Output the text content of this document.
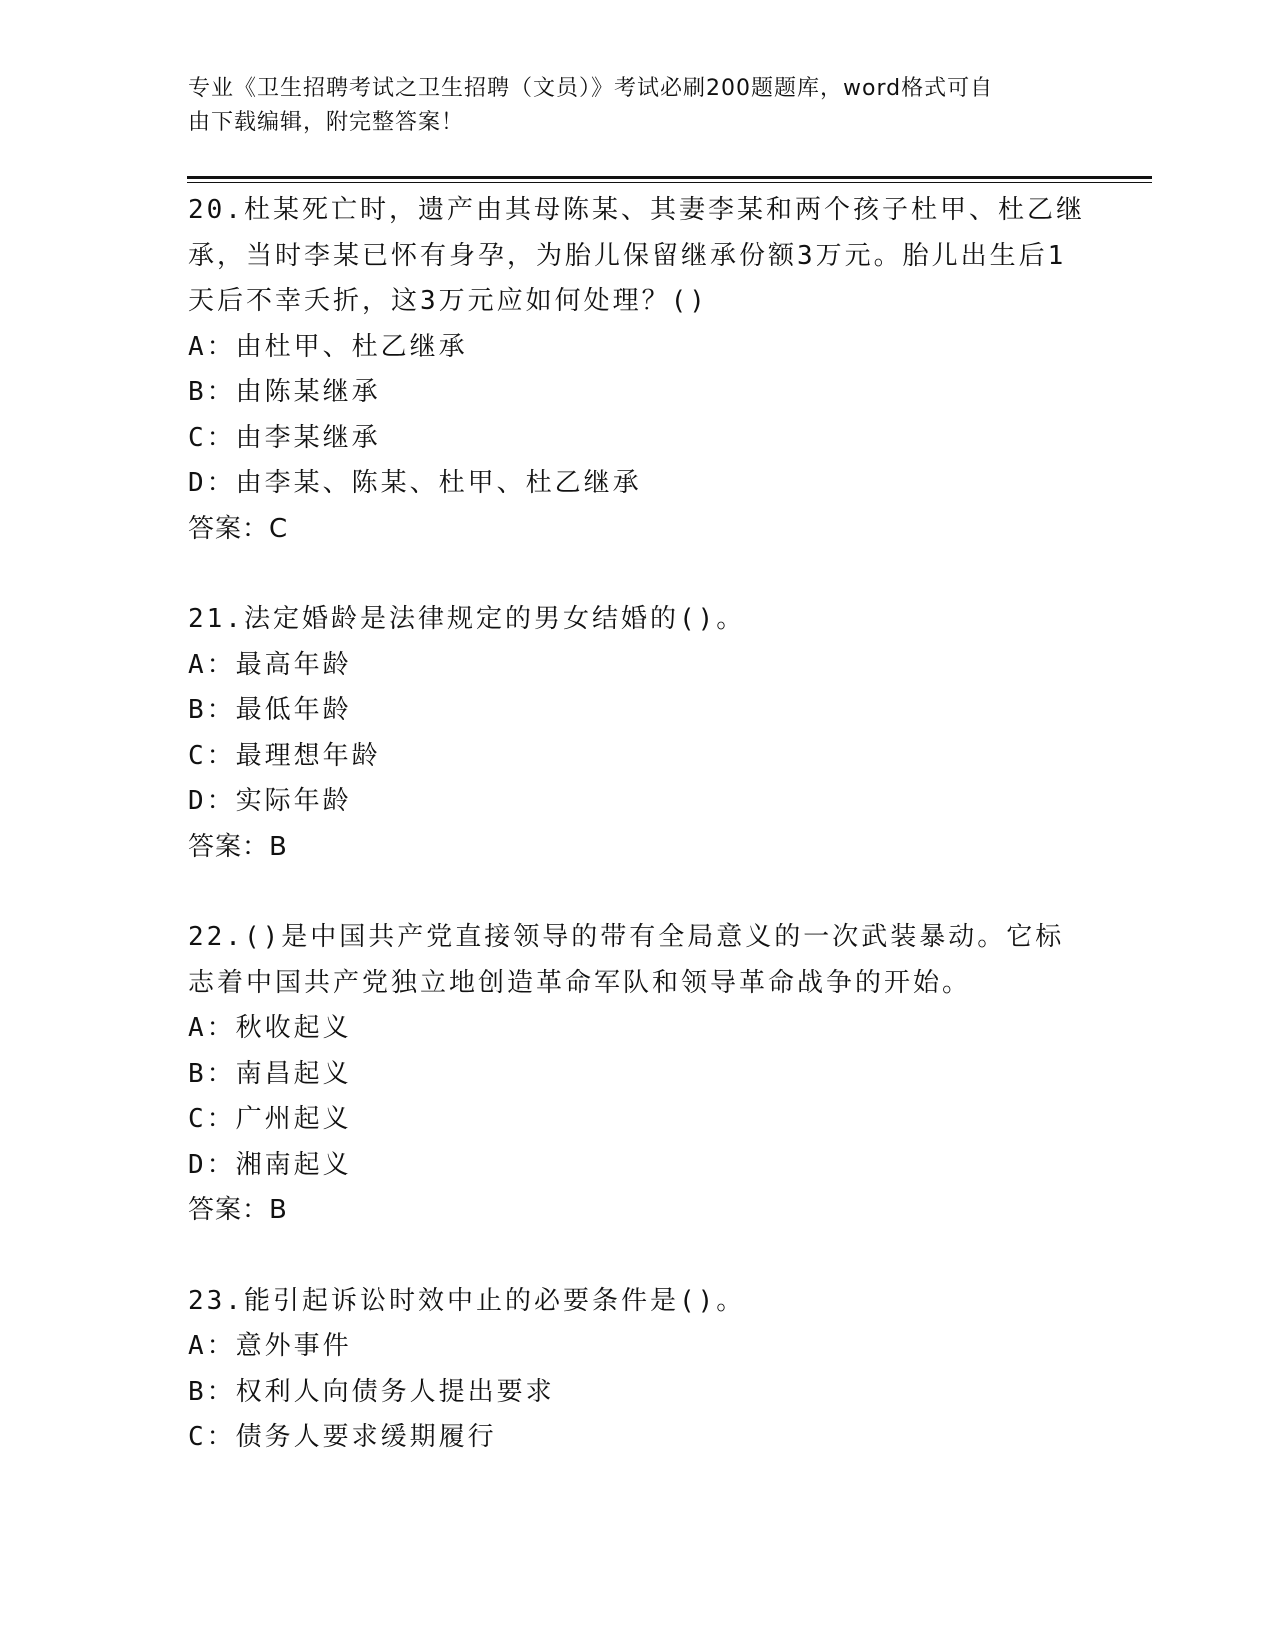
专业《卫生招聘考试之卫生招聘（文员）》考试必刷200题题库，word格式可自
由下载编辑，附完整答案！

20.杜某死亡时，遗产由其母陈某、其妻李某和两个孩子杜甲、杜乙继承，当时李某已怀有身孕，为胎儿保留继承份额3万元。胎儿出生后1天后不幸夭折，这3万元应如何处理？()

A：由杜甲、杜乙继承

B：由陈某继承

C：由李某继承

D：由李某、陈某、杜甲、杜乙继承

答案：C

21.法定婚龄是法律规定的男女结婚的()。

A：最高年龄

B：最低年龄

C：最理想年龄

D：实际年龄

答案：B

22.()是中国共产党直接领导的带有全局意义的一次武装暴动。它标志着中国共产党独立地创造革命军队和领导革命战争的开始。

A：秋收起义

B：南昌起义

C：广州起义

D：湘南起义

答案：B

23.能引起诉讼时效中止的必要条件是()。

A：意外事件

B：权利人向债务人提出要求

C：债务人要求缓期履行
